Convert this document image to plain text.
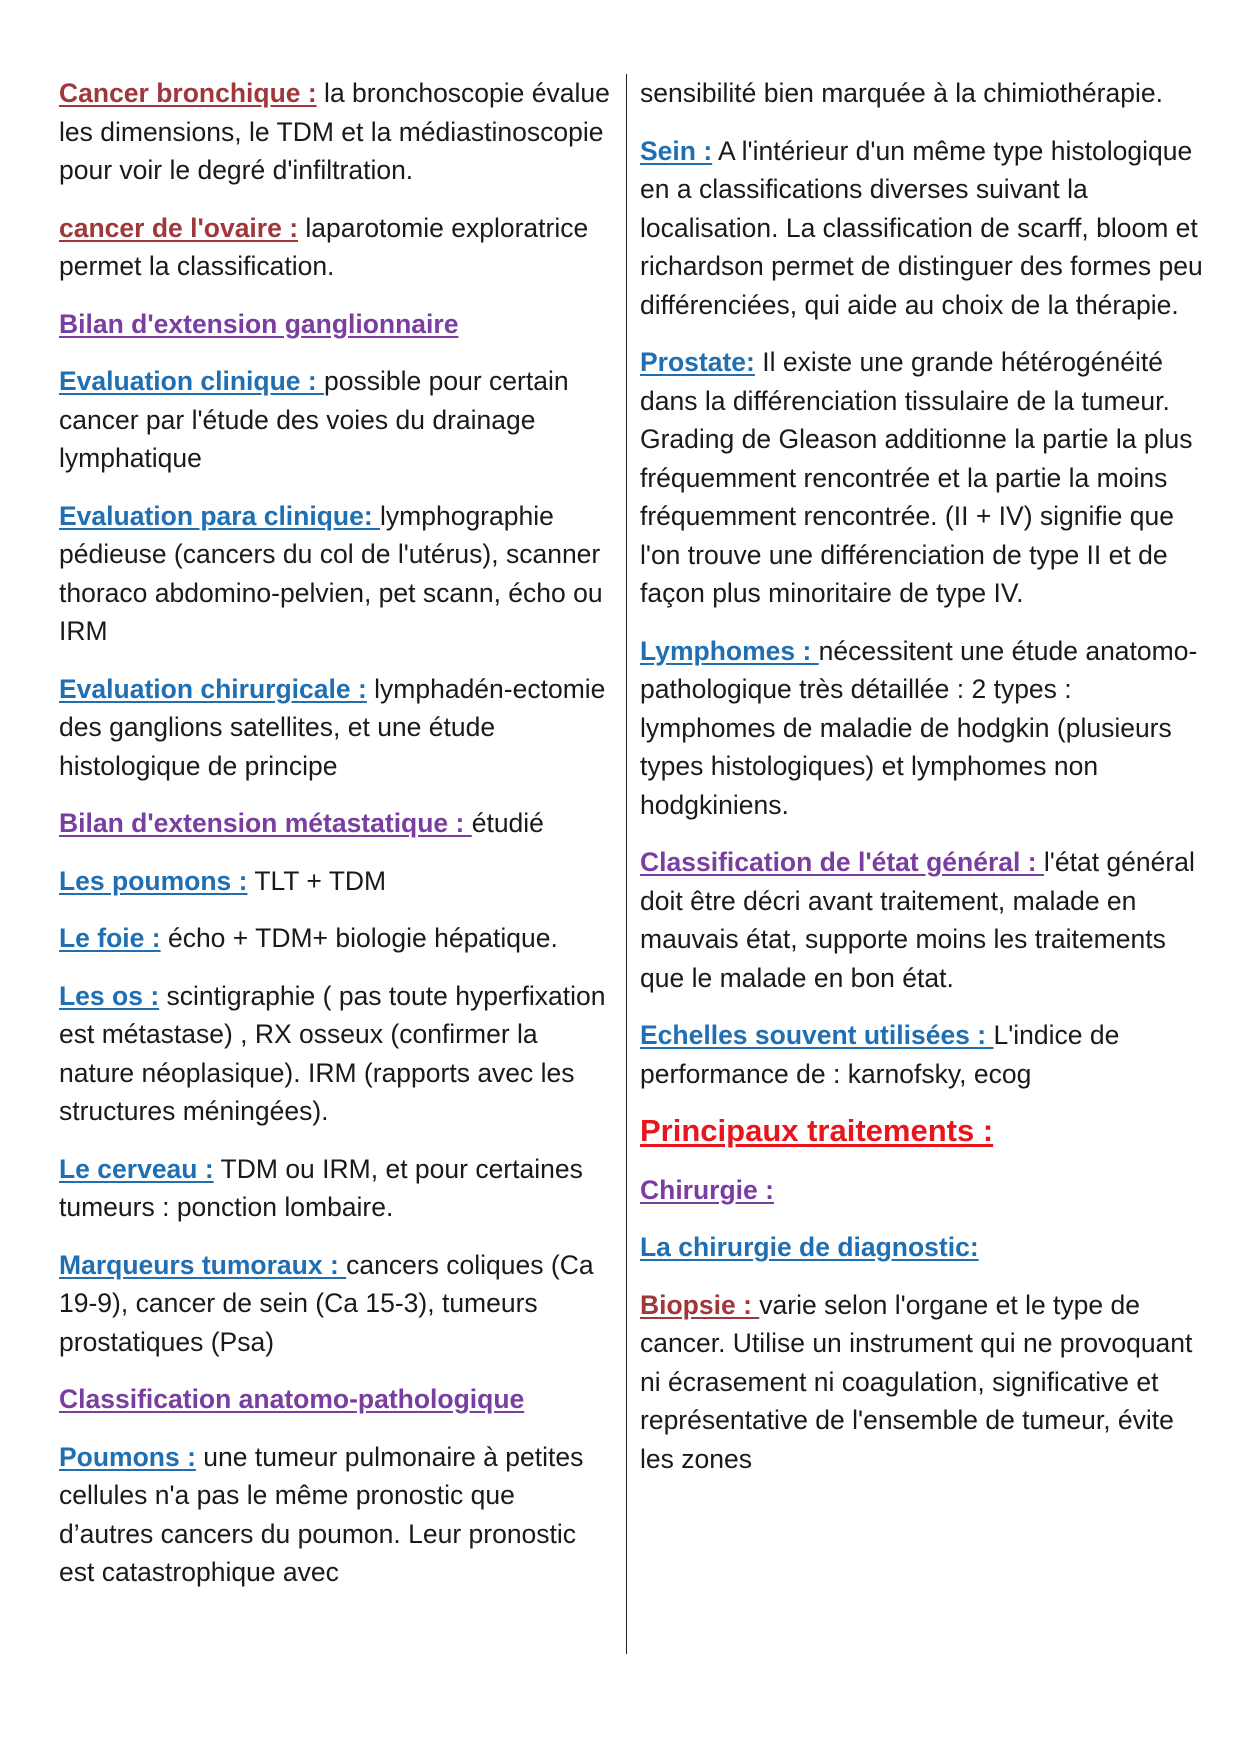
Cancer bronchique : la bronchoscopie évalue les dimensions, le TDM et la médiastinoscopie pour voir le degré d'infiltration.

cancer de l'ovaire : laparotomie exploratrice permet la classification.

Bilan d'extension ganglionnaire

Evaluation clinique : possible pour certain cancer par l'étude des voies du drainage lymphatique

Evaluation para clinique: lymphographie pédieuse (cancers du col de l'utérus), scanner thoraco abdomino-pelvien, pet scann, écho ou IRM

Evaluation chirurgicale : lymphadén-ectomie des ganglions satellites, et une étude histologique de principe

Bilan d'extension métastatique : étudié

Les poumons : TLT + TDM

Le foie : écho + TDM+ biologie hépatique.

Les os : scintigraphie ( pas toute hyperfixation est métastase) , RX osseux (confirmer la nature néoplasique). IRM (rapports avec les structures méningées).

Le cerveau : TDM ou IRM, et pour certaines tumeurs : ponction lombaire.

Marqueurs tumoraux : cancers coliques (Ca 19-9), cancer de sein (Ca 15-3), tumeurs prostatiques (Psa)

Classification anatomo-pathologique

Poumons : une tumeur pulmonaire à petites cellules n'a pas le même pronostic que d’autres cancers du poumon. Leur pronostic est catastrophique avec

sensibilité bien marquée à la chimiothérapie.

Sein : A l'intérieur d'un même type histologique en a classifications diverses suivant la localisation. La classification de scarff, bloom et richardson permet de distinguer des formes peu différenciées, qui aide au choix de la thérapie.

Prostate: Il existe une grande hétérogénéité dans la différenciation tissulaire de la tumeur. Grading de Gleason additionne la partie la plus fréquemment rencontrée et la partie la moins fréquemment rencontrée. (II + IV) signifie que l'on trouve une différenciation de type II et de façon plus minoritaire de type IV.

Lymphomes : nécessitent une étude anatomo-pathologique très détaillée : 2 types : lymphomes de maladie de hodgkin (plusieurs types histologiques) et lymphomes non hodgkiniens.

Classification de l'état général : l'état général doit être décri avant traitement, malade en mauvais état, supporte moins les traitements que le malade en bon état.

Echelles souvent utilisées : L'indice de performance de : karnofsky, ecog

Principaux traitements :

Chirurgie :

La chirurgie de diagnostic:

Biopsie : varie selon l'organe et le type de cancer. Utilise un instrument qui ne provoquant ni écrasement ni coagulation, significative et représentative de l'ensemble de tumeur, évite les zones
